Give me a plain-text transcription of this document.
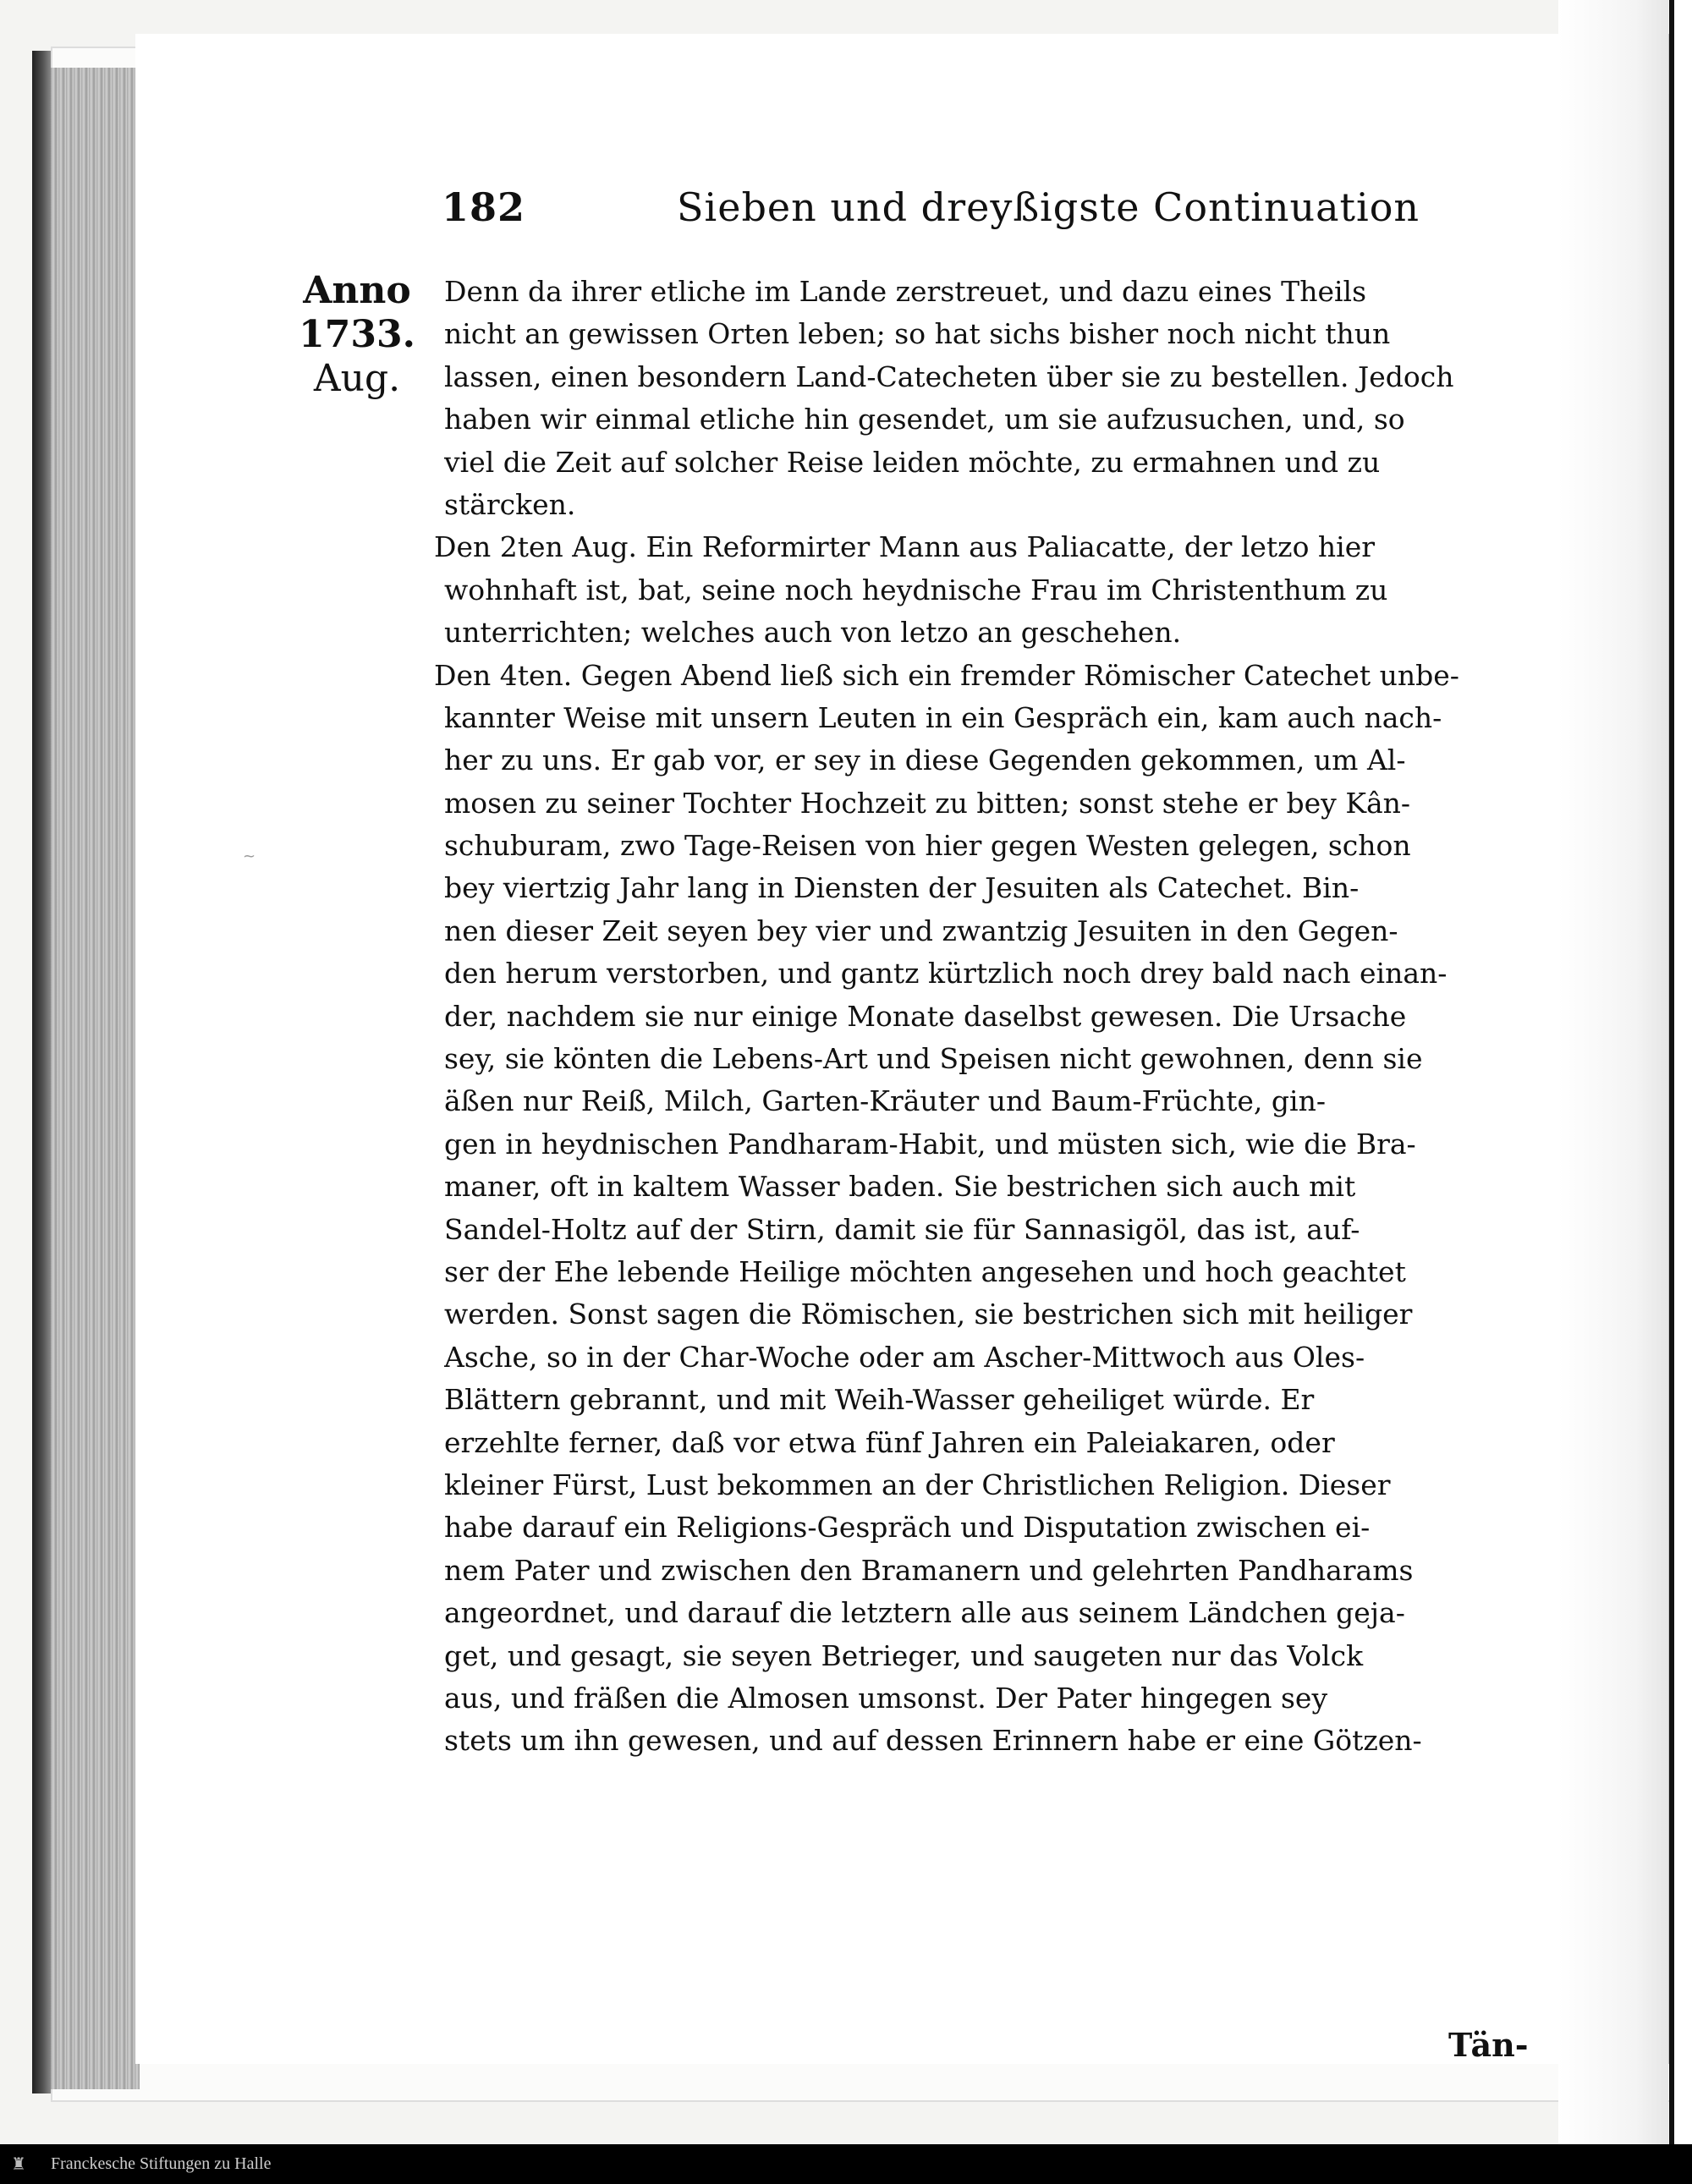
182	Sieben und dreyßigste Continuation
Anno 1733.
Aug.
~
Denn da ihrer etliche im Lande zerstreuet, und dazu eines Theils
nicht an gewissen Orten leben; so hat sichs bisher noch nicht thun
lassen, einen besondern Land-Catecheten über sie zu bestellen. Jedoch
haben wir einmal etliche hin gesendet, um sie aufzusuchen, und, so
viel die Zeit auf solcher Reise leiden möchte, zu ermahnen und zu
stärcken.
Den 2ten Aug. Ein Reformirter Mann aus Paliacatte, der letzo hier
wohnhaft ist, bat, seine noch heydnische Frau im Christenthum zu
unterrichten; welches auch von letzo an geschehen.
Den 4ten. Gegen Abend ließ sich ein fremder Römischer Catechet unbe-
kannter Weise mit unsern Leuten in ein Gespräch ein, kam auch nach-
her zu uns. Er gab vor, er sey in diese Gegenden gekommen, um Al-
mosen zu seiner Tochter Hochzeit zu bitten; sonst stehe er bey Kân-
schuburam, zwo Tage-Reisen von hier gegen Westen gelegen, schon
bey viertzig Jahr lang in Diensten der Jesuiten als Catechet. Bin-
nen dieser Zeit seyen bey vier und zwantzig Jesuiten in den Gegen-
den herum verstorben, und gantz kürtzlich noch drey bald nach einan-
der, nachdem sie nur einige Monate daselbst gewesen. Die Ursache
sey, sie könten die Lebens-Art und Speisen nicht gewohnen, denn sie
äßen nur Reiß, Milch, Garten-Kräuter und Baum-Früchte, gin-
gen in heydnischen Pandharam-Habit, und müsten sich, wie die Bra-
maner, oft in kaltem Wasser baden. Sie bestrichen sich auch mit
Sandel-Holtz auf der Stirn, damit sie für Sannasigöl, das ist, auf-
ser der Ehe lebende Heilige möchten angesehen und hoch geachtet
werden. Sonst sagen die Römischen, sie bestrichen sich mit heiliger
Asche, so in der Char-Woche oder am Ascher-Mittwoch aus Oles-
Blättern gebrannt, und mit Weih-Wasser geheiliget würde. Er
erzehlte ferner, daß vor etwa fünf Jahren ein Paleiakaren, oder
kleiner Fürst, Lust bekommen an der Christlichen Religion. Dieser
habe darauf ein Religions-Gespräch und Disputation zwischen ei-
nem Pater und zwischen den Bramanern und gelehrten Pandharams
angeordnet, und darauf die letztern alle aus seinem Ländchen geja-
get, und gesagt, sie seyen Betrieger, und saugeten nur das Volck
aus, und fräßen die Almosen umsonst. Der Pater hingegen sey
stets um ihn gewesen, und auf dessen Erinnern habe er eine Götzen-
Tän-
♜ Franckesche Stiftungen zu Halle
